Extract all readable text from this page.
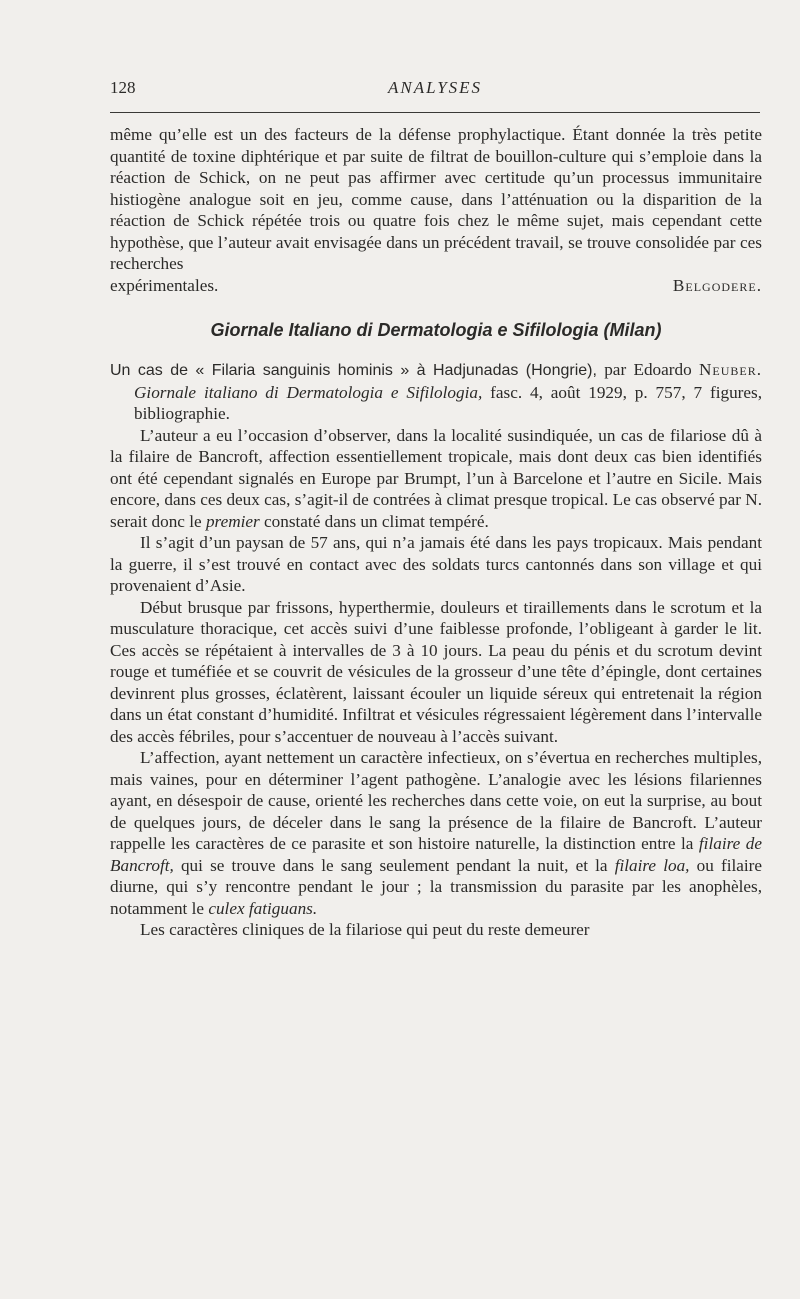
128	ANALYSES

même qu’elle est un des facteurs de la défense prophylactique. Étant donnée la très petite quantité de toxine diphtérique et par suite de filtrat de bouillon-culture qui s’emploie dans la réaction de Schick, on ne peut pas affirmer avec certitude qu’un processus immunitaire histiogène analogue soit en jeu, comme cause, dans l’atténuation ou la disparition de la réaction de Schick répétée trois ou quatre fois chez le même sujet, mais cependant cette hypothèse, que l’auteur avait envisagée dans un précédent travail, se trouve consolidée par ces recherches

expérimentales.	Belgodere.
Giornale Italiano di Dermatologia e Sifilologia (Milan)

Un cas de « Filaria sanguinis hominis » à Hadjunadas (Hongrie), par Edoardo Neuber. Giornale italiano di Dermatologia e Sifilologia, fasc. 4, août 1929, p. 757, 7 figures, bibliographie.

L’auteur a eu l’occasion d’observer, dans la localité susindiquée, un cas de filariose dû à la filaire de Bancroft, affection essentiellement tropicale, mais dont deux cas bien identifiés ont été cependant signalés en Europe par Brumpt, l’un à Barcelone et l’autre en Sicile. Mais encore, dans ces deux cas, s’agit-il de contrées à climat presque tropical. Le cas observé par N. serait donc le premier constaté dans un climat tempéré.

Il s’agit d’un paysan de 57 ans, qui n’a jamais été dans les pays tropicaux. Mais pendant la guerre, il s’est trouvé en contact avec des soldats turcs cantonnés dans son village et qui provenaient d’Asie.

Début brusque par frissons, hyperthermie, douleurs et tiraillements dans le scrotum et la musculature thoracique, cet accès suivi d’une faiblesse profonde, l’obligeant à garder le lit. Ces accès se répétaient à intervalles de 3 à 10 jours. La peau du pénis et du scrotum devint rouge et tuméfiée et se couvrit de vésicules de la grosseur d’une tête d’épingle, dont certaines devinrent plus grosses, éclatèrent, laissant écouler un liquide séreux qui entretenait la région dans un état constant d’humidité. Infiltrat et vésicules régressaient légèrement dans l’intervalle des accès fébriles, pour s’accentuer de nouveau à l’accès suivant.

L’affection, ayant nettement un caractère infectieux, on s’évertua en recherches multiples, mais vaines, pour en déterminer l’agent pathogène. L’analogie avec les lésions filariennes ayant, en désespoir de cause, orienté les recherches dans cette voie, on eut la surprise, au bout de quelques jours, de déceler dans le sang la présence de la filaire de Bancroft. L’auteur rappelle les caractères de ce parasite et son histoire naturelle, la distinction entre la filaire de Bancroft, qui se trouve dans le sang seulement pendant la nuit, et la filaire loa, ou filaire diurne, qui s’y rencontre pendant le jour ; la transmission du parasite par les anophèles, notamment le culex fatiguans.

Les caractères cliniques de la filariose qui peut du reste demeurer
